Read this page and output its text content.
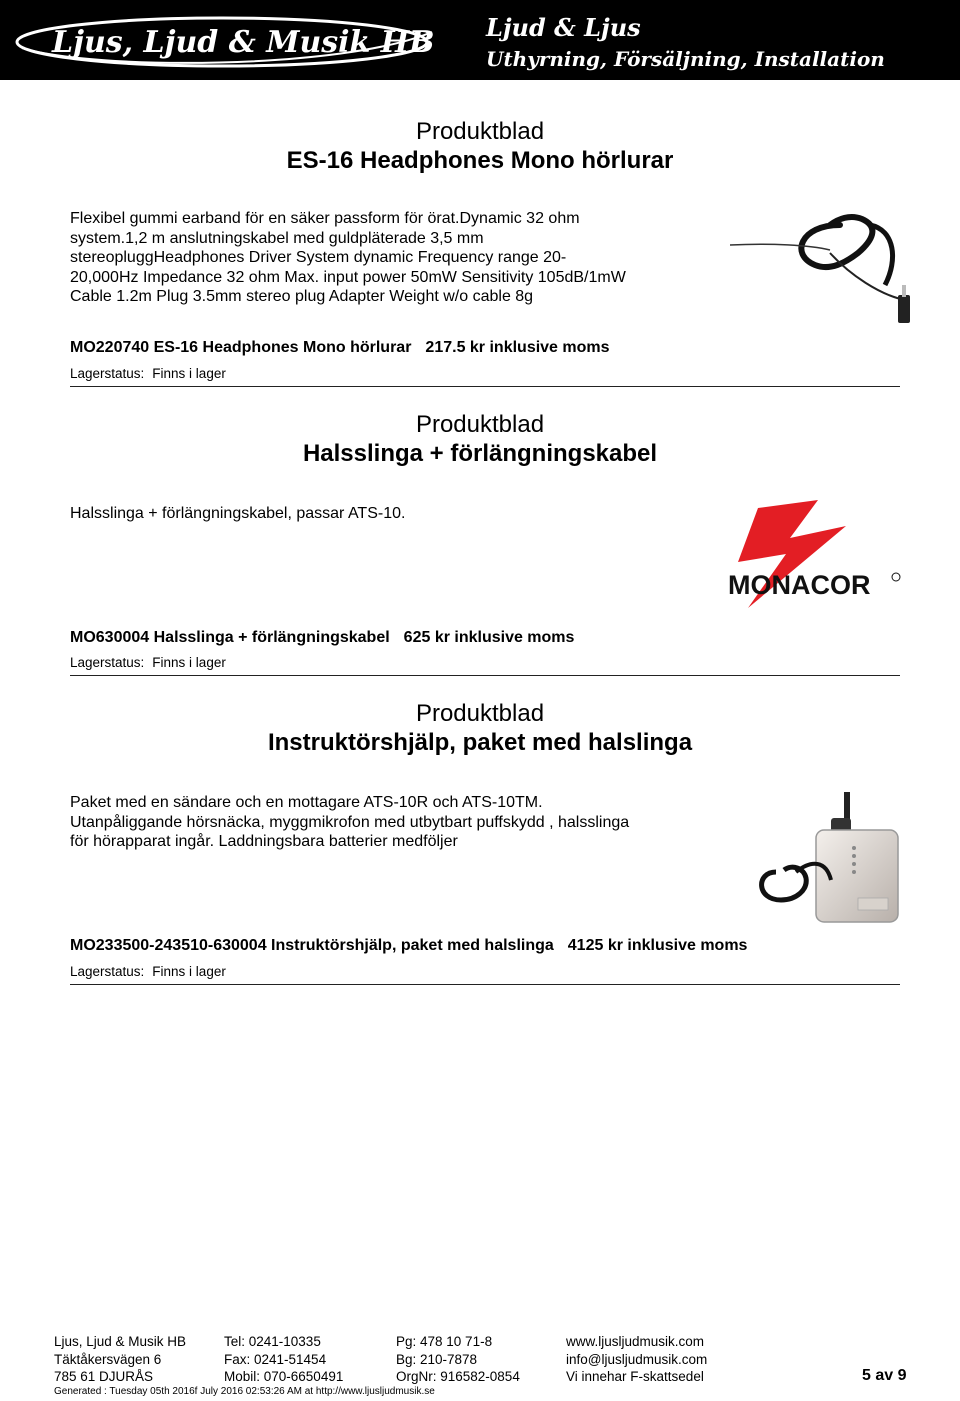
Ljus, Ljud & Musik HB Ljud & Ljus
Uthyrning, Försäljning, Installation
Produktblad
ES-16 Headphones Mono hörlurar
Flexibel gummi earband för en säker passform för örat.Dynamic 32 ohm system.1,2 m anslutningskabel med guldpläterade 3,5 mm stereopluggHeadphones Driver System dynamic Frequency range 20-20,000Hz Impedance 32 ohm Max. input power 50mW Sensitivity 105dB/1mW Cable 1.2m Plug 3.5mm stereo plug Adapter Weight w/o cable 8g
MO220740 ES-16 Headphones Mono hörlurar 217.5 kr inklusive moms
Lagerstatus: Finns i lager
Produktblad
Halsslinga + förlängningskabel
Halsslinga + förlängningskabel, passar ATS-10.
MONACOR
MO630004 Halsslinga + förlängningskabel 625 kr inklusive moms
Lagerstatus: Finns i lager
Produktblad
Instruktörshjälp, paket med halslinga
Paket med en sändare och en mottagare ATS-10R och ATS-10TM. Utanpåliggande hörsnäcka, myggmikrofon med utbytbart puffskydd , halsslinga för hörapparat ingår. Laddningsbara batterier medföljer
MO233500-243510-630004 Instruktörshjälp, paket med halslinga 4125 kr inklusive moms
Lagerstatus: Finns i lager
Ljus, Ljud & Musik HB	Tel: 0241-10335	Pg: 478 10 71-8	www.ljusljudmusik.com
Täktåkersvägen 6	Fax: 0241-51454	Bg: 210-7878	info@ljusljudmusik.com
785 61 DJURÅS	Mobil: 070-6650491	OrgNr: 916582-0854	Vi innehar F-skattsedel	5 av 9
Generated : Tuesday 05th 2016f July 2016 02:53:26 AM at http://www.ljusljudmusik.se
